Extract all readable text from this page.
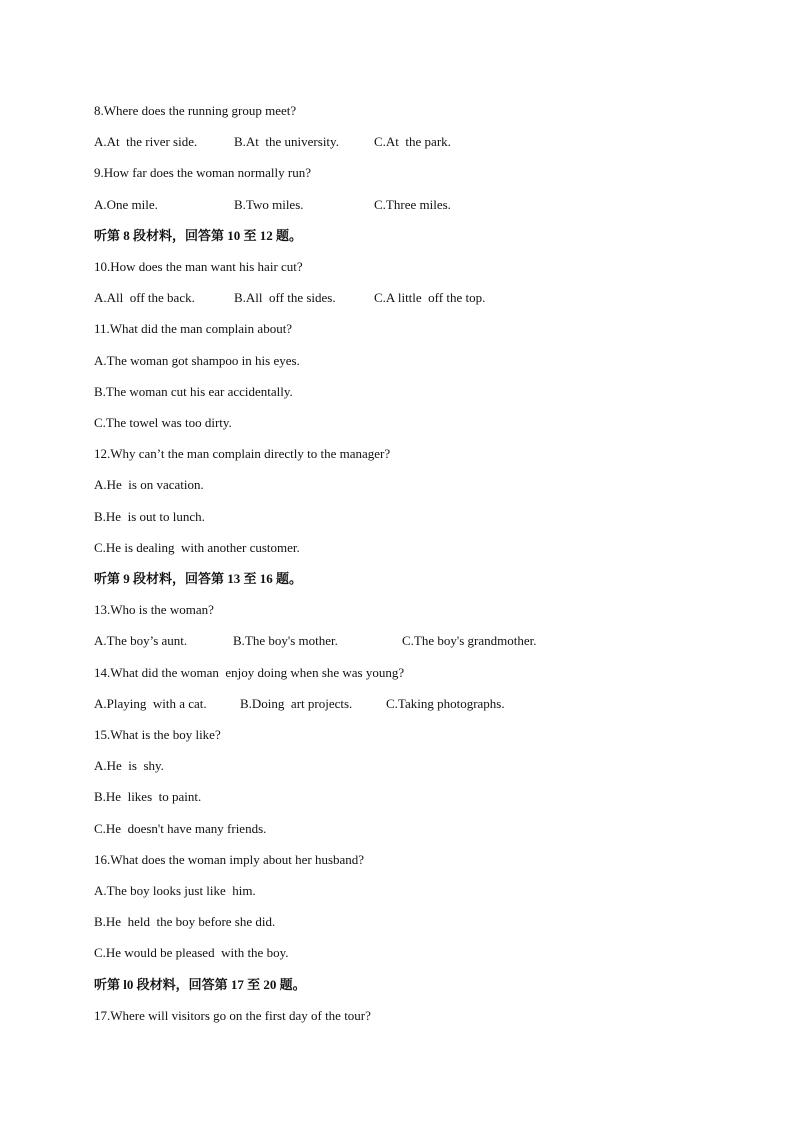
8.Where does the running group meet?
A.At  the river side.	B.At  the university.	C.At  the park.
9.How far does the woman normally run?
A.One mile.	B.Two miles.	C.Three miles.
听第 8 段材料，回答第 10 至 12 题。
10.How does the man want his hair cut?
A.All  off the back.	B.All  off the sides.	C.A little  off the top.
11.What did the man complain about?
A.The woman got shampoo in his eyes.
B.The woman cut his ear accidentally.
C.The towel was too dirty.
12.Why can’t the man complain directly to the manager?
A.He  is on vacation.
B.He  is out to lunch.
C.He is dealing  with another customer.
听第 9 段材料，回答第 13 至 16 题。
13.Who is the woman?
A.The boy’s aunt.	B.The boy's mother.	C.The boy's grandmother.
14.What did the woman  enjoy doing when she was young?
A.Playing  with a cat.	B.Doing  art projects.	C.Taking photographs.
15.What is the boy like?
A.He  is  shy.
B.He  likes  to paint.
C.He  doesn't have many friends.
16.What does the woman imply about her husband?
A.The boy looks just like  him.
B.He  held  the boy before she did.
C.He would be pleased  with the boy.
听第 l0 段材料，回答第 17 至 20 题。
17.Where will visitors go on the first day of the tour?
